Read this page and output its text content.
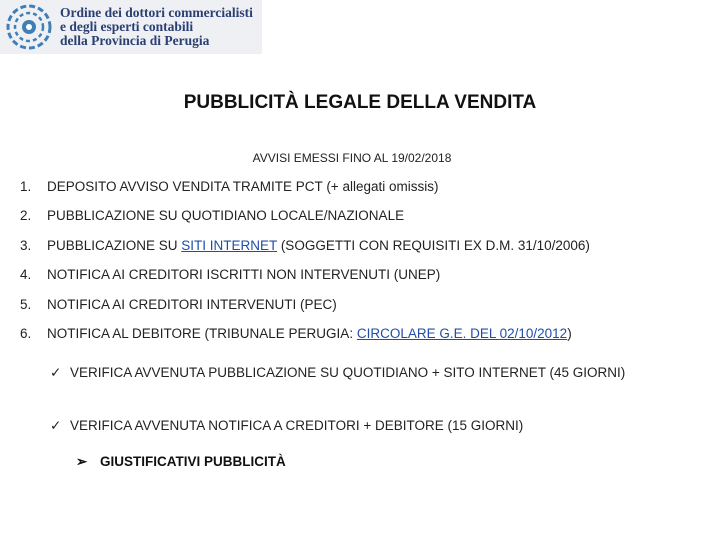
Ordine dei dottori commercialisti
e degli esperti contabili
della Provincia di Perugia
PUBBLICITÀ LEGALE DELLA VENDITA
AVVISI EMESSI FINO AL 19/02/2018
1. DEPOSITO AVVISO VENDITA TRAMITE PCT (+ allegati omissis)
2. PUBBLICAZIONE SU QUOTIDIANO LOCALE/NAZIONALE
3. PUBBLICAZIONE SU SITI INTERNET (SOGGETTI CON REQUISITI EX D.M. 31/10/2006)
4. NOTIFICA AI CREDITORI ISCRITTI NON INTERVENUTI (UNEP)
5. NOTIFICA AI CREDITORI INTERVENUTI (PEC)
6. NOTIFICA AL DEBITORE (TRIBUNALE PERUGIA: CIRCOLARE G.E. DEL 02/10/2012)
✓ VERIFICA AVVENUTA PUBBLICAZIONE SU QUOTIDIANO + SITO INTERNET (45 GIORNI)
✓ VERIFICA AVVENUTA NOTIFICA A CREDITORI + DEBITORE (15 GIORNI)
➢ GIUSTIFICATIVI PUBBLICITÀ
